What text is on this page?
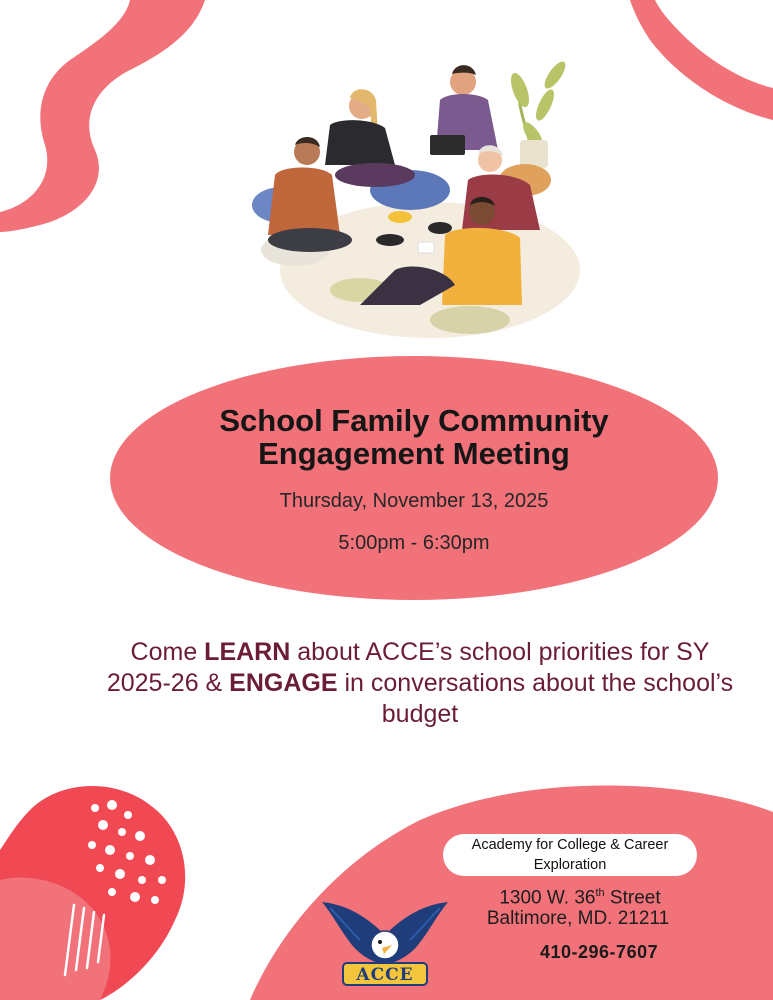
ACCE
School Family Community
Engagement Meeting
Thursday, November 13, 2025
5:00pm - 6:30pm
Come LEARN about ACCE’s school priorities for SY 2025-26 & ENGAGE in conversations about the school’s budget
Academy for College & Career Exploration
1300 W. 36th Street
Baltimore, MD. 21211
410-296-7607
